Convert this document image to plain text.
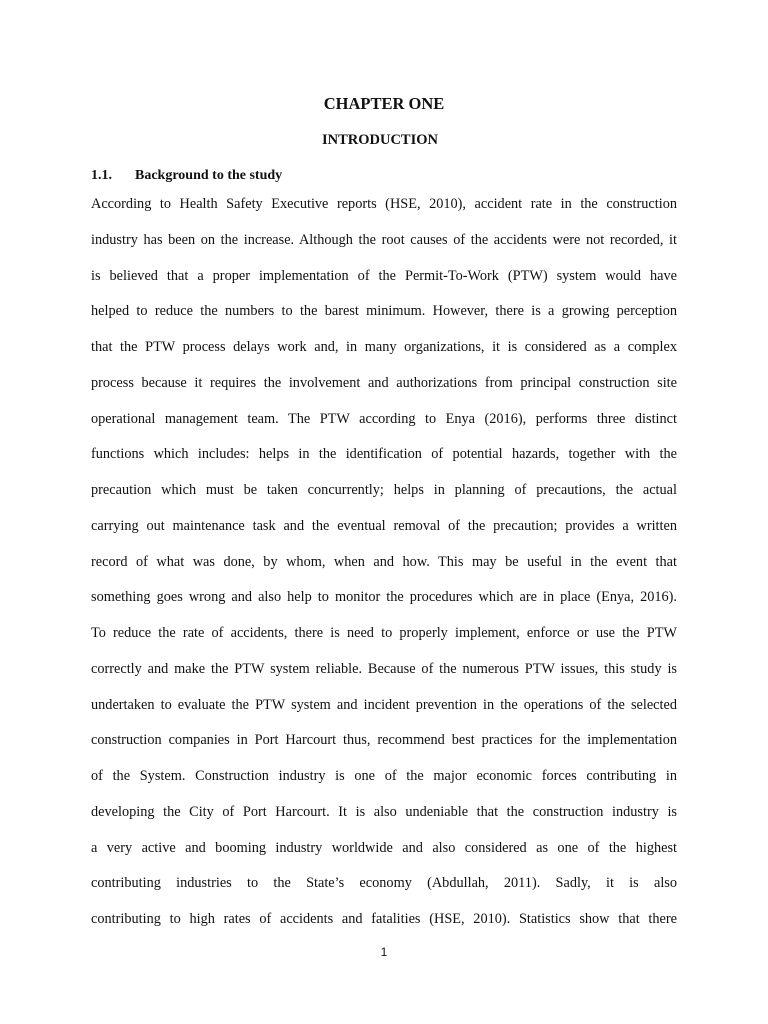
CHAPTER ONE
INTRODUCTION
1.1. Background to the study
According to Health Safety Executive reports (HSE, 2010), accident rate in the construction
industry has been on the increase. Although the root causes of the accidents were not recorded, it
is believed that a proper implementation of the Permit-To-Work (PTW) system would have
helped to reduce the numbers to the barest minimum. However, there is a growing perception
that the PTW process delays work and, in many organizations, it is considered as a complex
process because it requires the involvement and authorizations from principal construction site
operational management team. The PTW according to Enya (2016), performs three distinct
functions which includes: helps in the identification of potential hazards, together with the
precaution which must be taken concurrently; helps in planning of precautions, the actual
carrying out maintenance task and the eventual removal of the precaution; provides a written
record of what was done, by whom, when and how. This may be useful in the event that
something goes wrong and also help to monitor the procedures which are in place (Enya, 2016).
To reduce the rate of accidents, there is need to properly implement, enforce or use the PTW
correctly and make the PTW system reliable. Because of the numerous PTW issues, this study is
undertaken to evaluate the PTW system and incident prevention in the operations of the selected
construction companies in Port Harcourt thus, recommend best practices for the implementation
of the System. Construction industry is one of the major economic forces contributing in
developing the City of Port Harcourt. It is also undeniable that the construction industry is
a very active and booming industry worldwide and also considered as one of the highest
contributing industries to the State’s economy (Abdullah, 2011). Sadly, it is also
contributing to high rates of accidents and fatalities (HSE, 2010). Statistics show that there
1
